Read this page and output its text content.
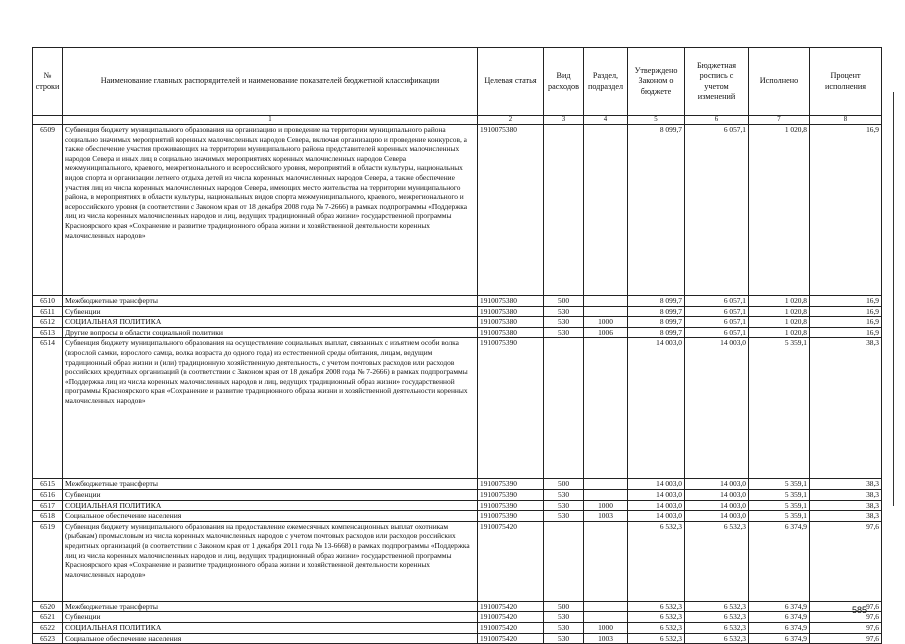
№ строки	Наименование главных распорядителей и наименование показателей бюджетной классификации	Целевая статья	Вид расходов	Раздел, подраздел	Утверждено Законом о бюджете	Бюджетная роспись с учетом изменений	Исполнено	Процент исполнения
	1	2	3	4	5	6	7	8
6509	Субвенция бюджету муниципального образования на организацию и проведение на территории муниципального района социально значимых мероприятий коренных малочисленных народов Севера, включая организацию и проведение конкурсов, а также обеспечение участия проживающих на территории муниципального района представителей коренных малочисленных народов Севера и иных лиц в социально значимых мероприятиях коренных малочисленных народов Севера межмуниципального, краевого, межрегионального и всероссийского уровня, мероприятий в области культуры, национальных видов спорта и организации летнего отдыха детей из числа коренных малочисленных народов Севера, а также обеспечение участия лиц из числа коренных малочисленных народов Севера, имеющих место жительства на территории муниципального района, в мероприятиях в области культуры, национальных видов спорта межмуниципального, краевого, межрегионального и всероссийского уровня (в соответствии с Законом края от 18 декабря 2008 года № 7-2666) в рамках подпрограммы «Поддержка лиц из числа коренных малочисленных народов и лиц, ведущих традиционный образ жизни» государственной программы Красноярского края «Сохранение и развитие традиционного образа жизни и хозяйственной деятельности коренных малочисленных народов»	1910075380			8 099,7	6 057,1	1 020,8	16,9
6510	Межбюджетные трансферты	1910075380	500		8 099,7	6 057,1	1 020,8	16,9
6511	Субвенции	1910075380	530		8 099,7	6 057,1	1 020,8	16,9
6512	СОЦИАЛЬНАЯ ПОЛИТИКА	1910075380	530	1000	8 099,7	6 057,1	1 020,8	16,9
6513	Другие вопросы в области социальной политики	1910075380	530	1006	8 099,7	6 057,1	1 020,8	16,9
6514	Субвенция бюджету муниципального образования на осуществление социальных выплат, связанных с изъятием особи волка (взрослой самки, взрослого самца, волка возраста до одного года) из естественной среды обитания, лицам, ведущим традиционный образ жизни и (или) традиционную хозяйственную деятельность, с учетом почтовых расходов или расходов российских кредитных организаций (в соответствии с Законом края от 18 декабря 2008 года № 7-2666) в рамках подпрограммы «Поддержка лиц из числа коренных малочисленных народов и лиц, ведущих традиционный образ жизни» государственной программы Красноярского края «Сохранение и развитие традиционного образа жизни и хозяйственной деятельности коренных малочисленных народов»	1910075390			14 003,0	14 003,0	5 359,1	38,3
6515	Межбюджетные трансферты	1910075390	500		14 003,0	14 003,0	5 359,1	38,3
6516	Субвенции	1910075390	530		14 003,0	14 003,0	5 359,1	38,3
6517	СОЦИАЛЬНАЯ ПОЛИТИКА	1910075390	530	1000	14 003,0	14 003,0	5 359,1	38,3
6518	Социальное обеспечение населения	1910075390	530	1003	14 003,0	14 003,0	5 359,1	38,3
6519	Субвенция бюджету муниципального образования на предоставление ежемесячных компенсационных выплат охотникам (рыбакам) промысловым из числа коренных малочисленных народов с учетом почтовых расходов или расходов российских кредитных организаций (в соответствии с Законом края от 1 декабря 2011 года № 13-6668) в рамках подпрограммы «Поддержка лиц из числа коренных малочисленных народов и лиц, ведущих традиционный образ жизни» государственной программы Красноярского края «Сохранение и развитие традиционного образа жизни и хозяйственной деятельности коренных малочисленных народов»	1910075420			6 532,3	6 532,3	6 374,9	97,6
6520	Межбюджетные трансферты	1910075420	500		6 532,3	6 532,3	6 374,9	97,6
6521	Субвенции	1910075420	530		6 532,3	6 532,3	6 374,9	97,6
6522	СОЦИАЛЬНАЯ ПОЛИТИКА	1910075420	530	1000	6 532,3	6 532,3	6 374,9	97,6
6523	Социальное обеспечение населения	1910075420	530	1003	6 532,3	6 532,3	6 374,9	97,6
585
